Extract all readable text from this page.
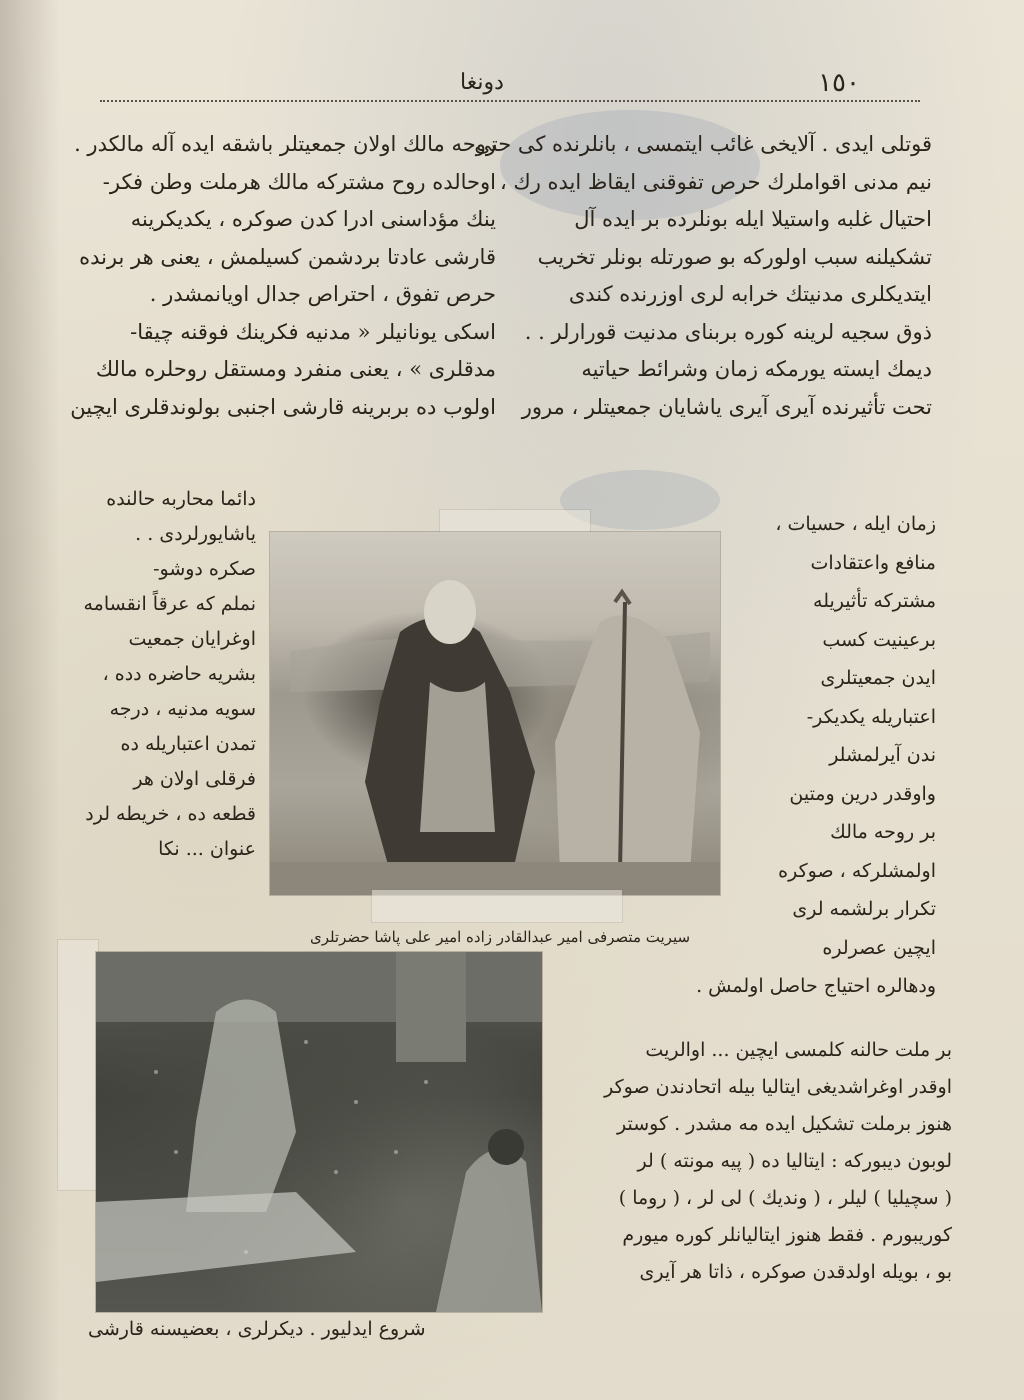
١٥٠
دونغا

قوتلى ايدى . آلايخى غائب ايتمسى ، بانلرنده كى حتى

نيم مدنى اقواملرك حرص تفوقنى ايقاظ ايده رك ،

احتيال غلبه واستيلا ايله بونلرده بر ايده آل

تشكيلنه سبب اولوركه بو صورتله بونلر تخريب

ايتديكلرى مدنيتك خرابه لرى اوزرنده كندى

ذوق سجيه لرينه كوره بربناى مدنيت قورارلر . .

ديمك ايسته يورمكه زمان وشرائط حياتيه

تحت تأثيرنده آيرى آيرى ياشايان جمعيتلر ، مرور

روحه مالك اولان جمعيتلر باشقه ايده آله مالكدر .

اوحالده روح مشتركه مالك هرملت وطن فكر-

ينك مؤداسنى ادرا كدن صوكره ، يكديكرينه

قارشى عادتا بردشمن كسيلمش ، يعنى هر برنده

حرص تفوق ، احتراص جدال اويانمشدر .

اسكى يونانيلر « مدنيه فكرينك فوقنه چيقا-

مدقلرى » ، يعنى منفرد ومستقل روحلره مالك

اولوب ده بربرينه قارشى اجنبى بولوندقلرى ايچين

دائما محاربه حالنده

ياشايورلردى . .

صكره دوشو-

نملم كه عرقاً انقسامه

اوغرايان جمعيت

بشريه حاضره دده ،

سويه مدنيه ، درجه

تمدن اعتباريله ده

فرقلى اولان هر

قطعه ده ، خريطه لرد

عنوان ... نكا

زمان ايله ، حسيات ،

منافع واعتقادات

مشتركه تأثيريله

برعينيت كسب

ايدن جمعيتلرى

اعتباريله يكديكر-

ندن آيرلمشلر

واوقدر درين ومتين

بر روحه مالك

اولمشلركه ، صوكره

تكرار برلشمه لرى

ايچين عصرلره

ودهالره احتياج حاصل اولمش .

سيريت متصرفى امير عبدالقادر زاده امير على پاشا حضرتلرى

بر ملت حالنه كلمسى ايچين ... اوالريت

اوقدر اوغراشديغى ايتاليا بيله اتحادندن صوكر

هنوز برملت تشكيل ايده مه مشدر . كوستر

لوبون ديبوركه : ايتاليا ده ( پيه مونته ) لر

( سچيليا ) ليلر ، ( ونديك ) لى لر ، ( روما )

كوريبورم . فقط هنوز ايتاليانلر كوره ميورم

بو ، بويله اولدقدن صوكره ، ذاتا هر آيرى

شروع ايدليور . ديكرلرى ، بعضيسنه قارشى
